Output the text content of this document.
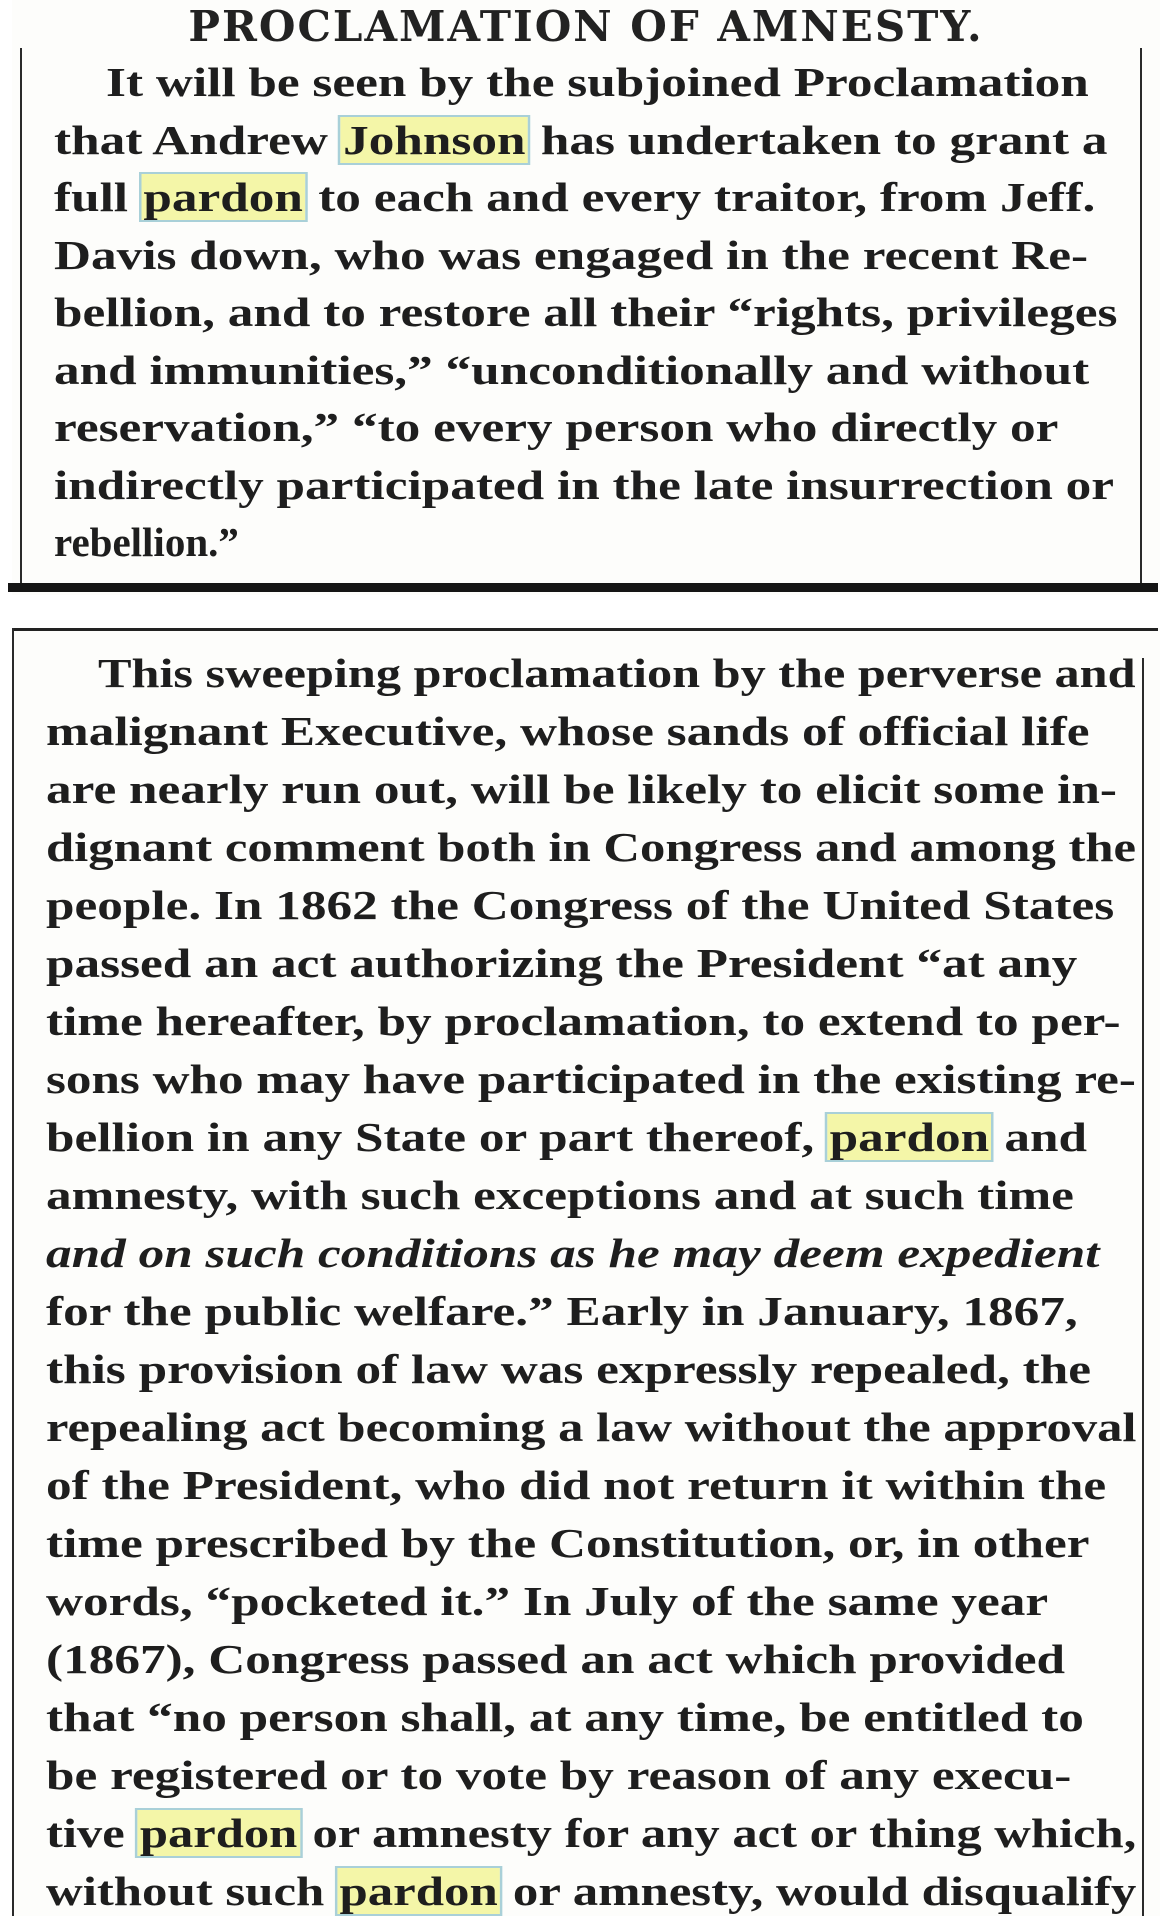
PROCLAMATION OF AMNESTY.
It will be seen by the subjoined Proclamation
that Andrew Johnson has undertaken to grant a
full pardon to each and every traitor, from Jeff.
Davis down, who was engaged in the recent Re-
bellion, and to restore all their “rights, privileges
and immunities,” “unconditionally and without
reservation,” “to every person who directly or
indirectly participated in the late insurrection or
rebellion.”
This sweeping proclamation by the perverse and
malignant Executive, whose sands of official life
are nearly run out, will be likely to elicit some in-
dignant comment both in Congress and among the
people. In 1862 the Congress of the United States
passed an act authorizing the President “at any
time hereafter, by proclamation, to extend to per-
sons who may have participated in the existing re-
bellion in any State or part thereof, pardon and
amnesty, with such exceptions and at such time
and on such conditions as he may deem expedient
for the public welfare.” Early in January, 1867,
this provision of law was expressly repealed, the
repealing act becoming a law without the approval
of the President, who did not return it within the
time prescribed by the Constitution, or, in other
words, “pocketed it.” In July of the same year
(1867), Congress passed an act which provided
that “no person shall, at any time, be entitled to
be registered or to vote by reason of any execu-
tive pardon or amnesty for any act or thing which,
without such pardon or amnesty, would disqualify
